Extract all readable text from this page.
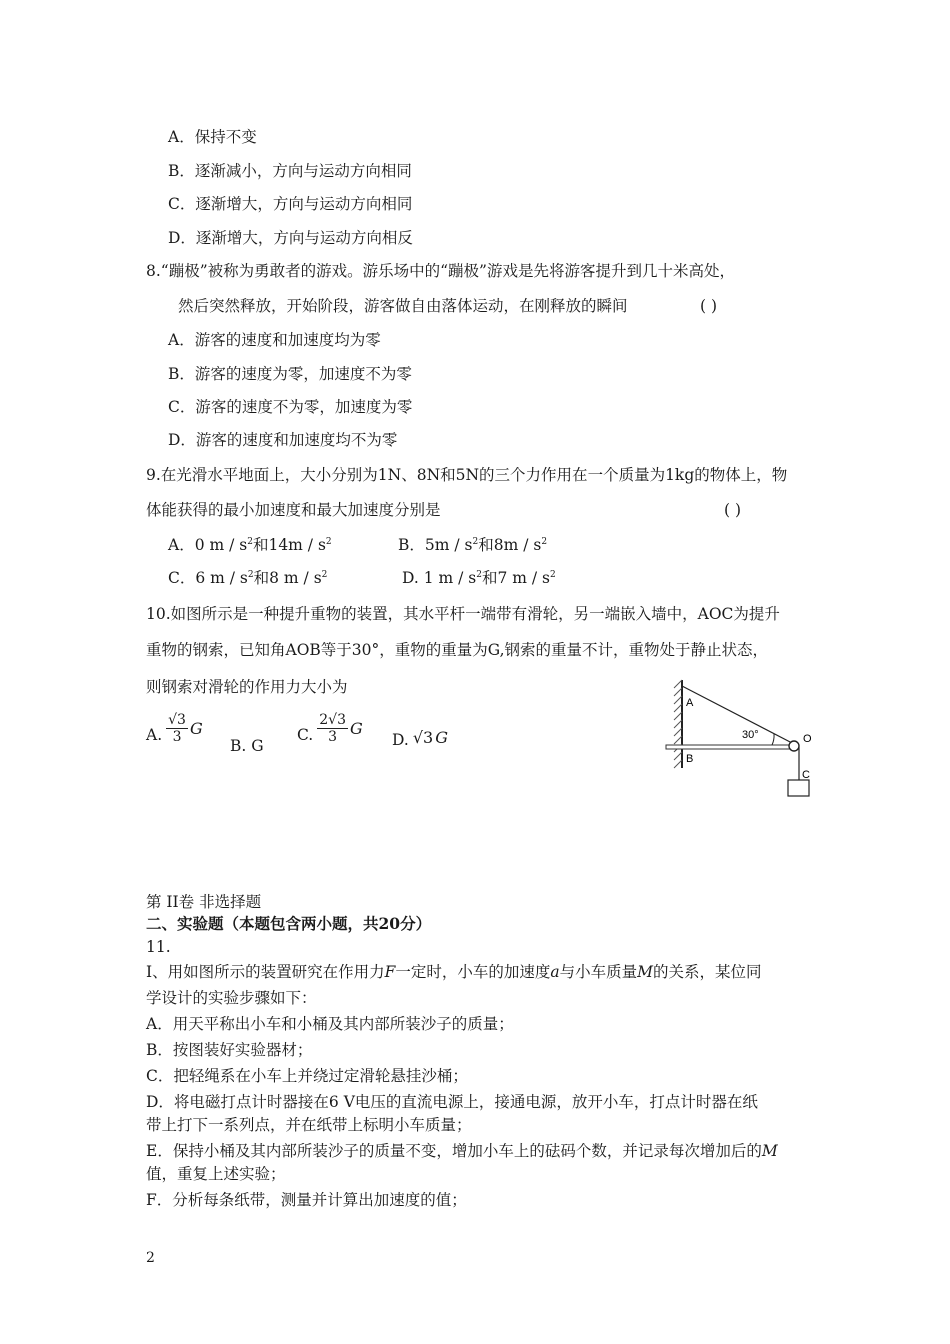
A．保持不变
B．逐渐减小，方向与运动方向相同
C．逐渐增大，方向与运动方向相同
D．逐渐增大，方向与运动方向相反
8.“蹦极”被称为勇敢者的游戏。游乐场中的“蹦极”游戏是先将游客提升到几十米高处，
然后突然释放，开始阶段，游客做自由落体运动，在刚释放的瞬间	( )
A．游客的速度和加速度均为零
B．游客的速度为零，加速度不为零
C．游客的速度不为零，加速度为零
D．游客的速度和加速度均不为零
9.在光滑水平地面上，大小分别为1N、8N和5N的三个力作用在一个质量为1kg的物体上，物
体能获得的最小加速度和最大加速度分别是	( )
A．0 m / $s^2$和$14m / s^2$	B．$5m / s^2$和$8m / s^2$
C．6 m / $s^2$和8 m / $s^2$	D. 1 m / $s^2$和7 m / $s^2$
10.如图所示是一种提升重物的装置，其水平杆一端带有滑轮，另一端嵌入墙中，AOC为提升
重物的钢索，已知角AOB等于30°，重物的重量为G,钢索的重量不计，重物处于静止状态，
则钢索对滑轮的作用力大小为
A. $\frac{√3}{3}$ G
B. G
C. $\frac{2√3}{3}$ G
D. √3 G
A
B
O
C
30°
第 II卷 非选择题
二、实验题（本题包含两小题，共20分）
11.
I、用如图所示的装置研究在作用力F一定时，小车的加速度a与小车质量M的关系，某位同
学设计的实验步骤如下：
A．用天平称出小车和小桶及其内部所装沙子的质量；
B．按图装好实验器材；
C．把轻绳系在小车上并绕过定滑轮悬挂沙桶；
D．将电磁打点计时器接在6 V电压的直流电源上，接通电源，放开小车，打点计时器在纸
带上打下一系列点，并在纸带上标明小车质量；
E．保持小桶及其内部所装沙子的质量不变，增加小车上的砝码个数，并记录每次增加后的M
值，重复上述实验；
F．分析每条纸带，测量并计算出加速度的值；
2
